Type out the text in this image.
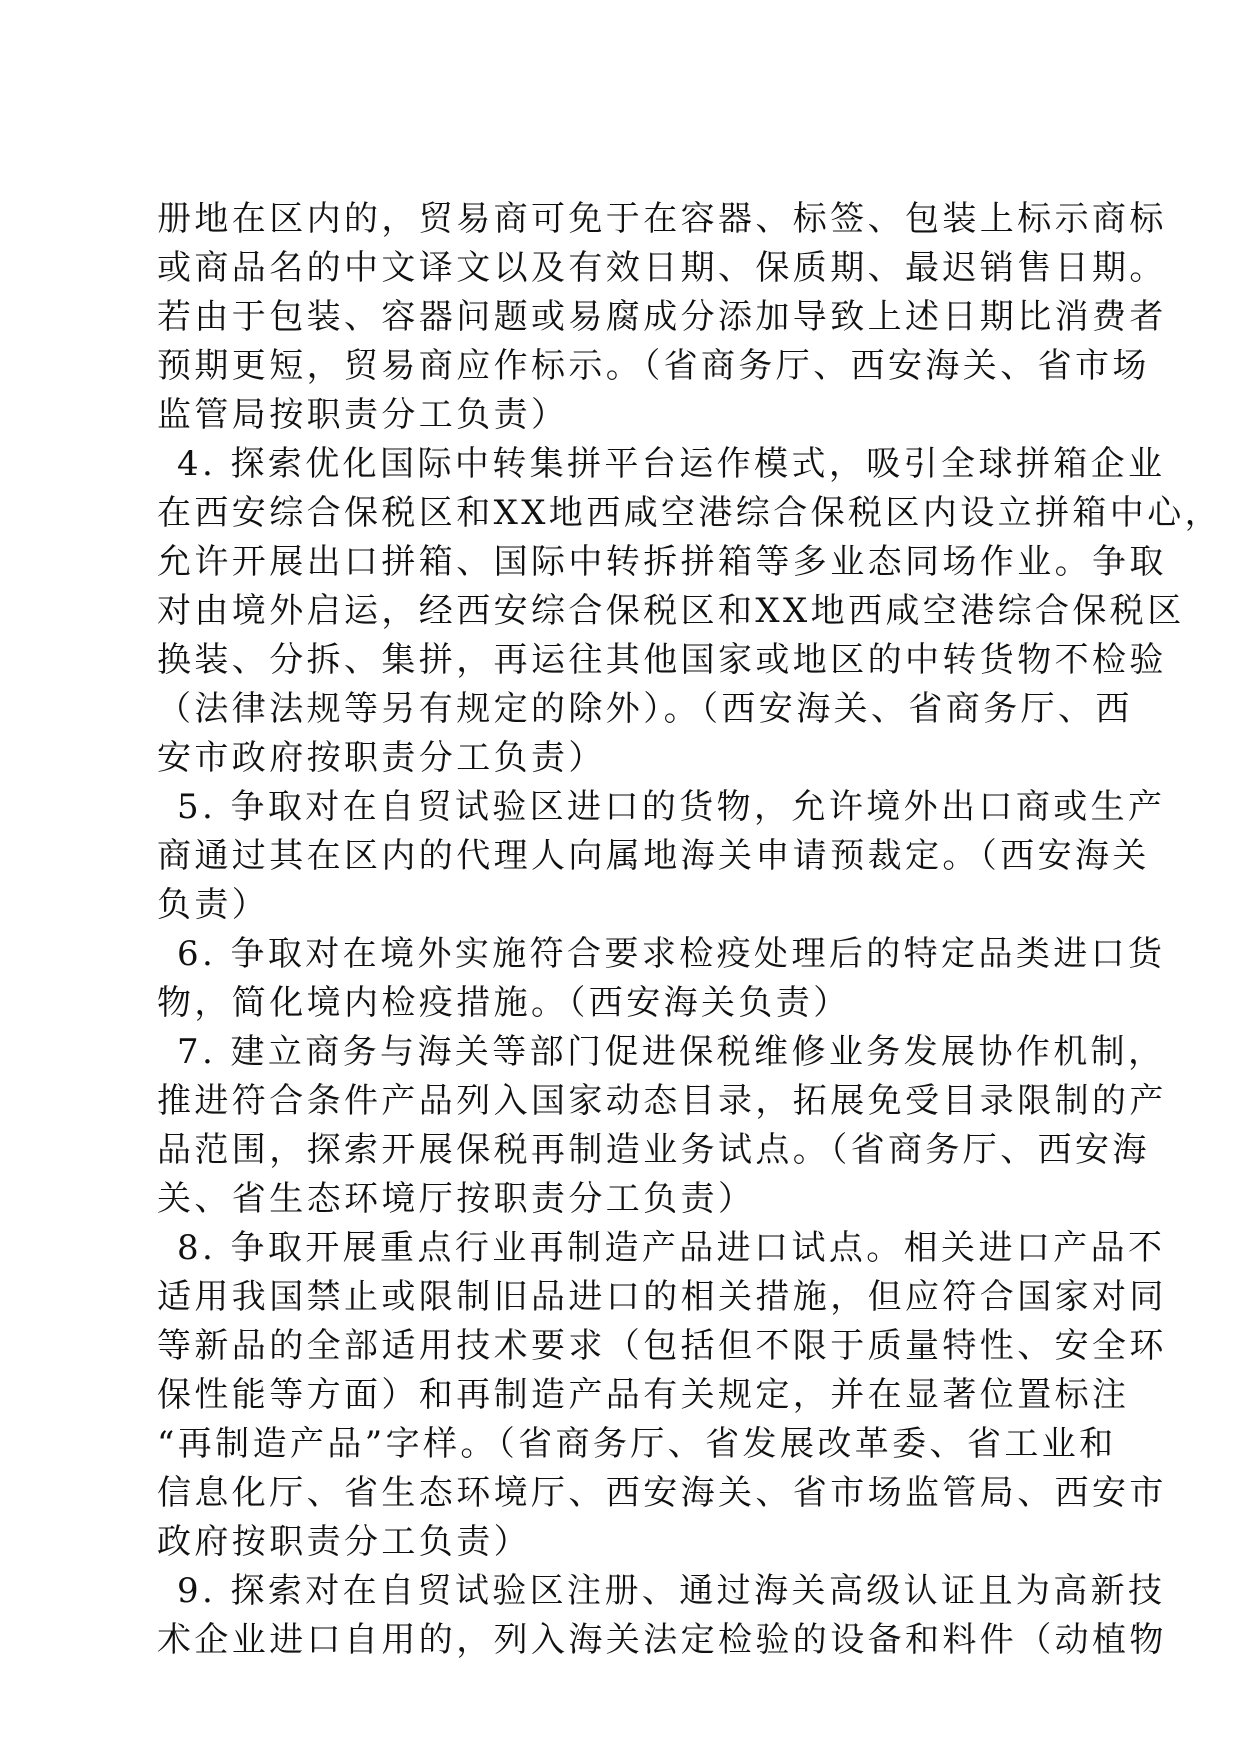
册地在区内的，贸易商可免于在容器、标签、包装上标示商标
或商品名的中文译文以及有效日期、保质期、最迟销售日期。
若由于包装、容器问题或易腐成分添加导致上述日期比消费者
预期更短，贸易商应作标示。（省商务厅、西安海关、省市场
监管局按职责分工负责）

4. 探索优化国际中转集拼平台运作模式，吸引全球拼箱企业
在西安综合保税区和XX地西咸空港综合保税区内设立拼箱中心，
允许开展出口拼箱、国际中转拆拼箱等多业态同场作业。争取
对由境外启运，经西安综合保税区和XX地西咸空港综合保税区
换装、分拆、集拼，再运往其他国家或地区的中转货物不检验
（法律法规等另有规定的除外）。（西安海关、省商务厅、西
安市政府按职责分工负责）

5. 争取对在自贸试验区进口的货物，允许境外出口商或生产
商通过其在区内的代理人向属地海关申请预裁定。（西安海关
负责）

6. 争取对在境外实施符合要求检疫处理后的特定品类进口货
物，简化境内检疫措施。（西安海关负责）

7. 建立商务与海关等部门促进保税维修业务发展协作机制，
推进符合条件产品列入国家动态目录，拓展免受目录限制的产
品范围，探索开展保税再制造业务试点。（省商务厅、西安海
关、省生态环境厅按职责分工负责）

8. 争取开展重点行业再制造产品进口试点。相关进口产品不
适用我国禁止或限制旧品进口的相关措施，但应符合国家对同
等新品的全部适用技术要求（包括但不限于质量特性、安全环
保性能等方面）和再制造产品有关规定，并在显著位置标注
“再制造产品”字样。（省商务厅、省发展改革委、省工业和
信息化厅、省生态环境厅、西安海关、省市场监管局、西安市
政府按职责分工负责）

9. 探索对在自贸试验区注册、通过海关高级认证且为高新技
术企业进口自用的，列入海关法定检验的设备和料件（动植物
